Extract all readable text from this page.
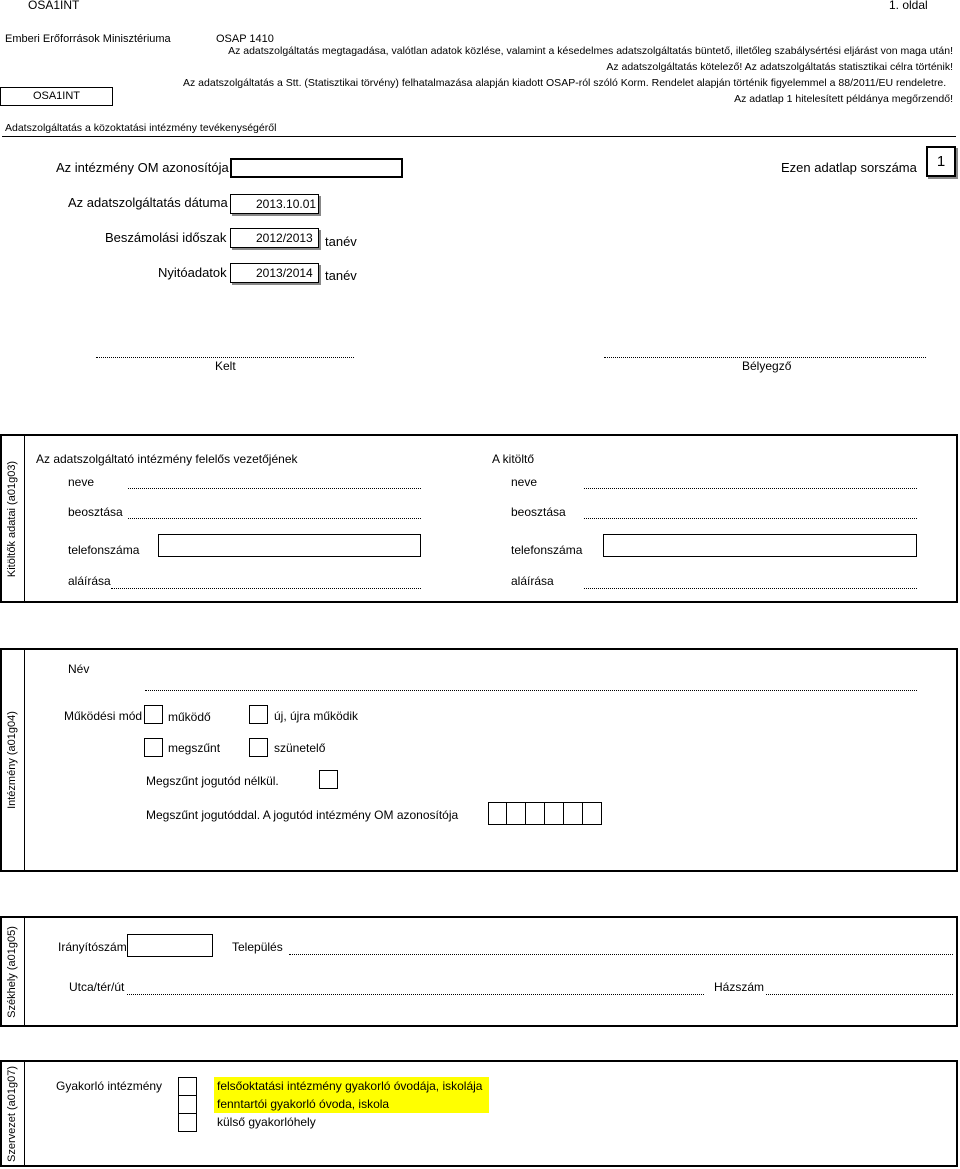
OSA1INT	1. oldal
Emberi Erőforrások Minisztériuma	OSAP 1410
Az adatszolgáltatás megtagadása, valótlan adatok közlése, valamint a késedelmes adatszolgáltatás büntető, illetőleg szabálysértési eljárást von maga után!
Az adatszolgáltatás kötelező! Az adatszolgáltatás statisztikai célra történik!
Az adatszolgáltatás a Stt. (Statisztikai törvény) felhatalmazása alapján kiadott OSAP-ról szóló Korm. Rendelet alapján történik figyelemmel a 88/2011/EU rendeletre.
Az adatlap 1 hitelesített példánya megőrzendő!
OSA1INT
Adatszolgáltatás a közoktatási intézmény tevékenységéről
Az intézmény OM azonosítója	Ezen adatlap sorszáma	1
Az adatszolgáltatás dátuma	2013.10.01
Beszámolási időszak	2012/2013 tanév
Nyitóadatok	2013/2014 tanév
Kelt	Bélyegző
Kitöltők adatai (a01g03)
Az adatszolgáltató intézmény felelős vezetőjének
neve
beosztása
telefonszáma
aláírása
A kitöltő
neve
beosztása
telefonszáma
aláírása
Intézmény (a01g04)
Név
Működési mód működő	új, újra működik
megszűnt	szünetelő
Megszűnt jogutód nélkül.
Megszűnt jogutóddal. A jogutód intézmény OM azonosítója
Székhely (a01g05)	Irányítószám	Település
Utca/tér/út	Házszám
Szervezet (a01g07)	Gyakorló intézmény	felsőoktatási intézmény gyakorló óvodája, iskolája
fenntartói gyakorló óvoda, iskola
külső gyakorlóhely
